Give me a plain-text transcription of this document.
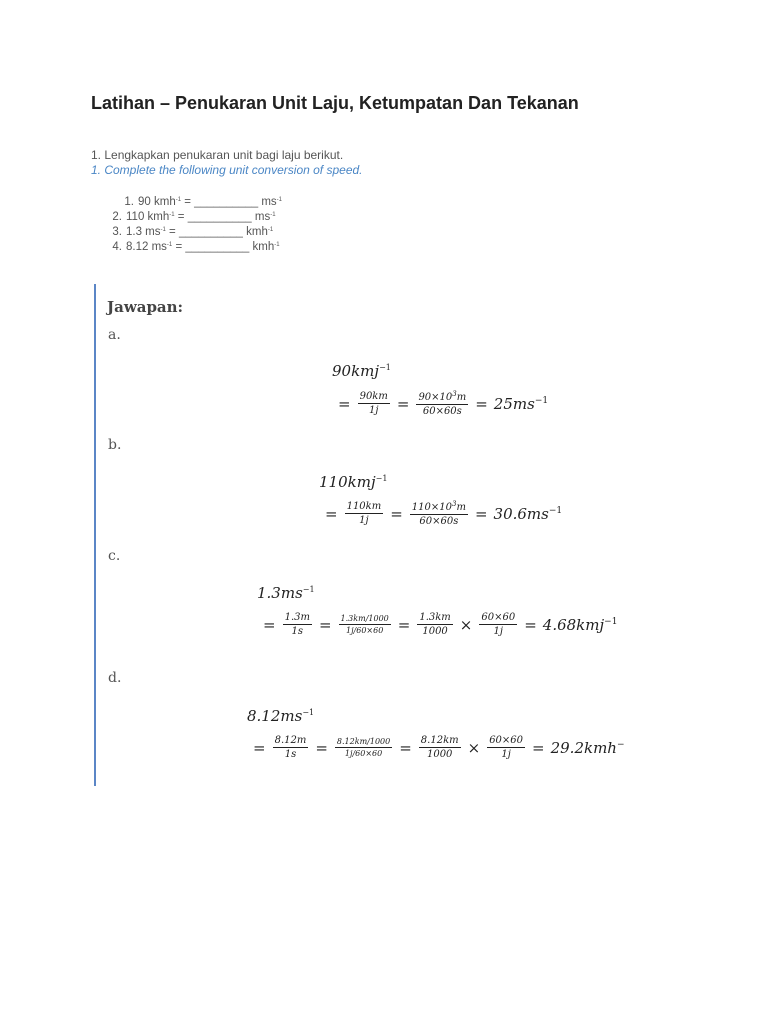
Latihan – Penukaran Unit Laju, Ketumpatan Dan Tekanan
1. Lengkapkan penukaran unit bagi laju berikut.
1. Complete the following unit conversion of speed.
1. 90 kmh$^{-1}$ = __________ $ms^{-1}$
2. 110 kmh$^{-1}$ = __________ $ms^{-1}$
3. 1.3 $ms^{-1}$ = __________ kmh$^{-1}$
4. 8.12 $ms^{-1}$ = __________ kmh$^{-1}$
Jawapan:
a.
90kmj$^{-1}$
= $\frac{90km}{1j} = \frac{90\times 10^3m}{60\times 60s} = 25ms^{-1}$
b.
110kmj$^{-1}$
= $\frac{110km}{1j} = \frac{110\times 10^3m}{60\times 60s} = 30.6ms^{-1}$
c.
$1.3ms^{-1}$
= $\frac{1.3m}{1s} = \frac{1.3km/1000}{1j/60\times 60} = \frac{1.3km}{1000} \times \frac{60\times 60}{1j} = 4.68kmj^{-1}$
d.
$8.12ms^{-1}$
= $\frac{8.12m}{1s} = \frac{8.12km/1000}{1j/60\times 60} = \frac{8.12km}{1000} \times \frac{60\times 60}{1j} = 29.2kmh^-$
